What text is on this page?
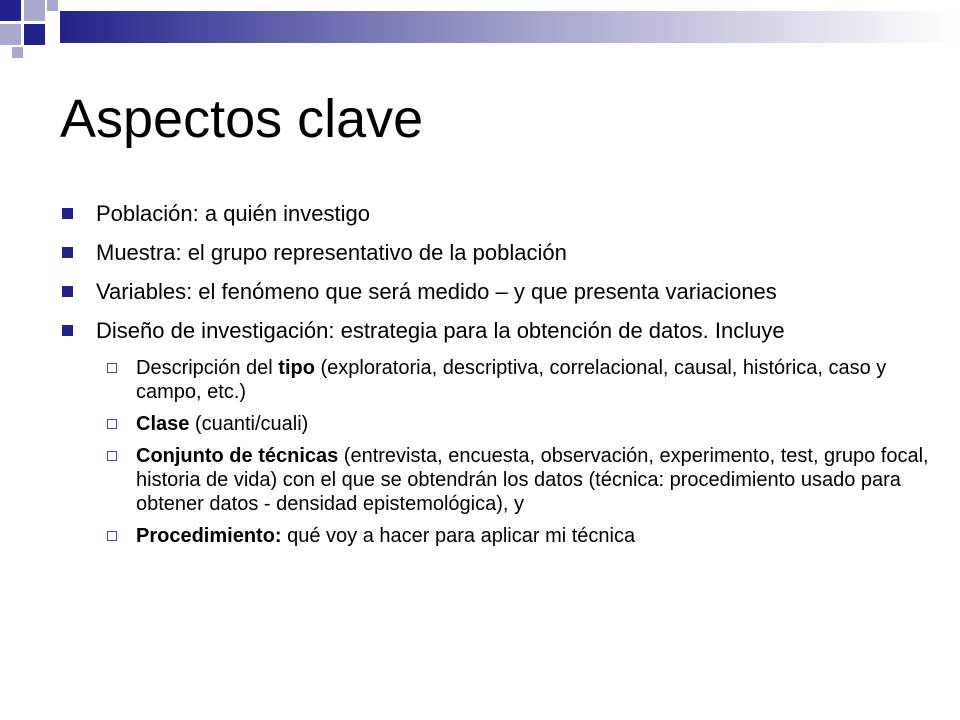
Aspectos clave
Población: a quién investigo
Muestra: el grupo representativo de la población
Variables: el fenómeno que será medido – y que presenta variaciones
Diseño de investigación: estrategia para la obtención de datos. Incluye
Descripción del tipo (exploratoria, descriptiva, correlacional, causal, histórica, caso y campo, etc.)
Clase (cuanti/cuali)
Conjunto de técnicas (entrevista, encuesta, observación, experimento, test, grupo focal, historia de vida) con el que se obtendrán los datos (técnica: procedimiento usado para obtener datos - densidad epistemológica), y
Procedimiento: qué voy a hacer para aplicar mi técnica
